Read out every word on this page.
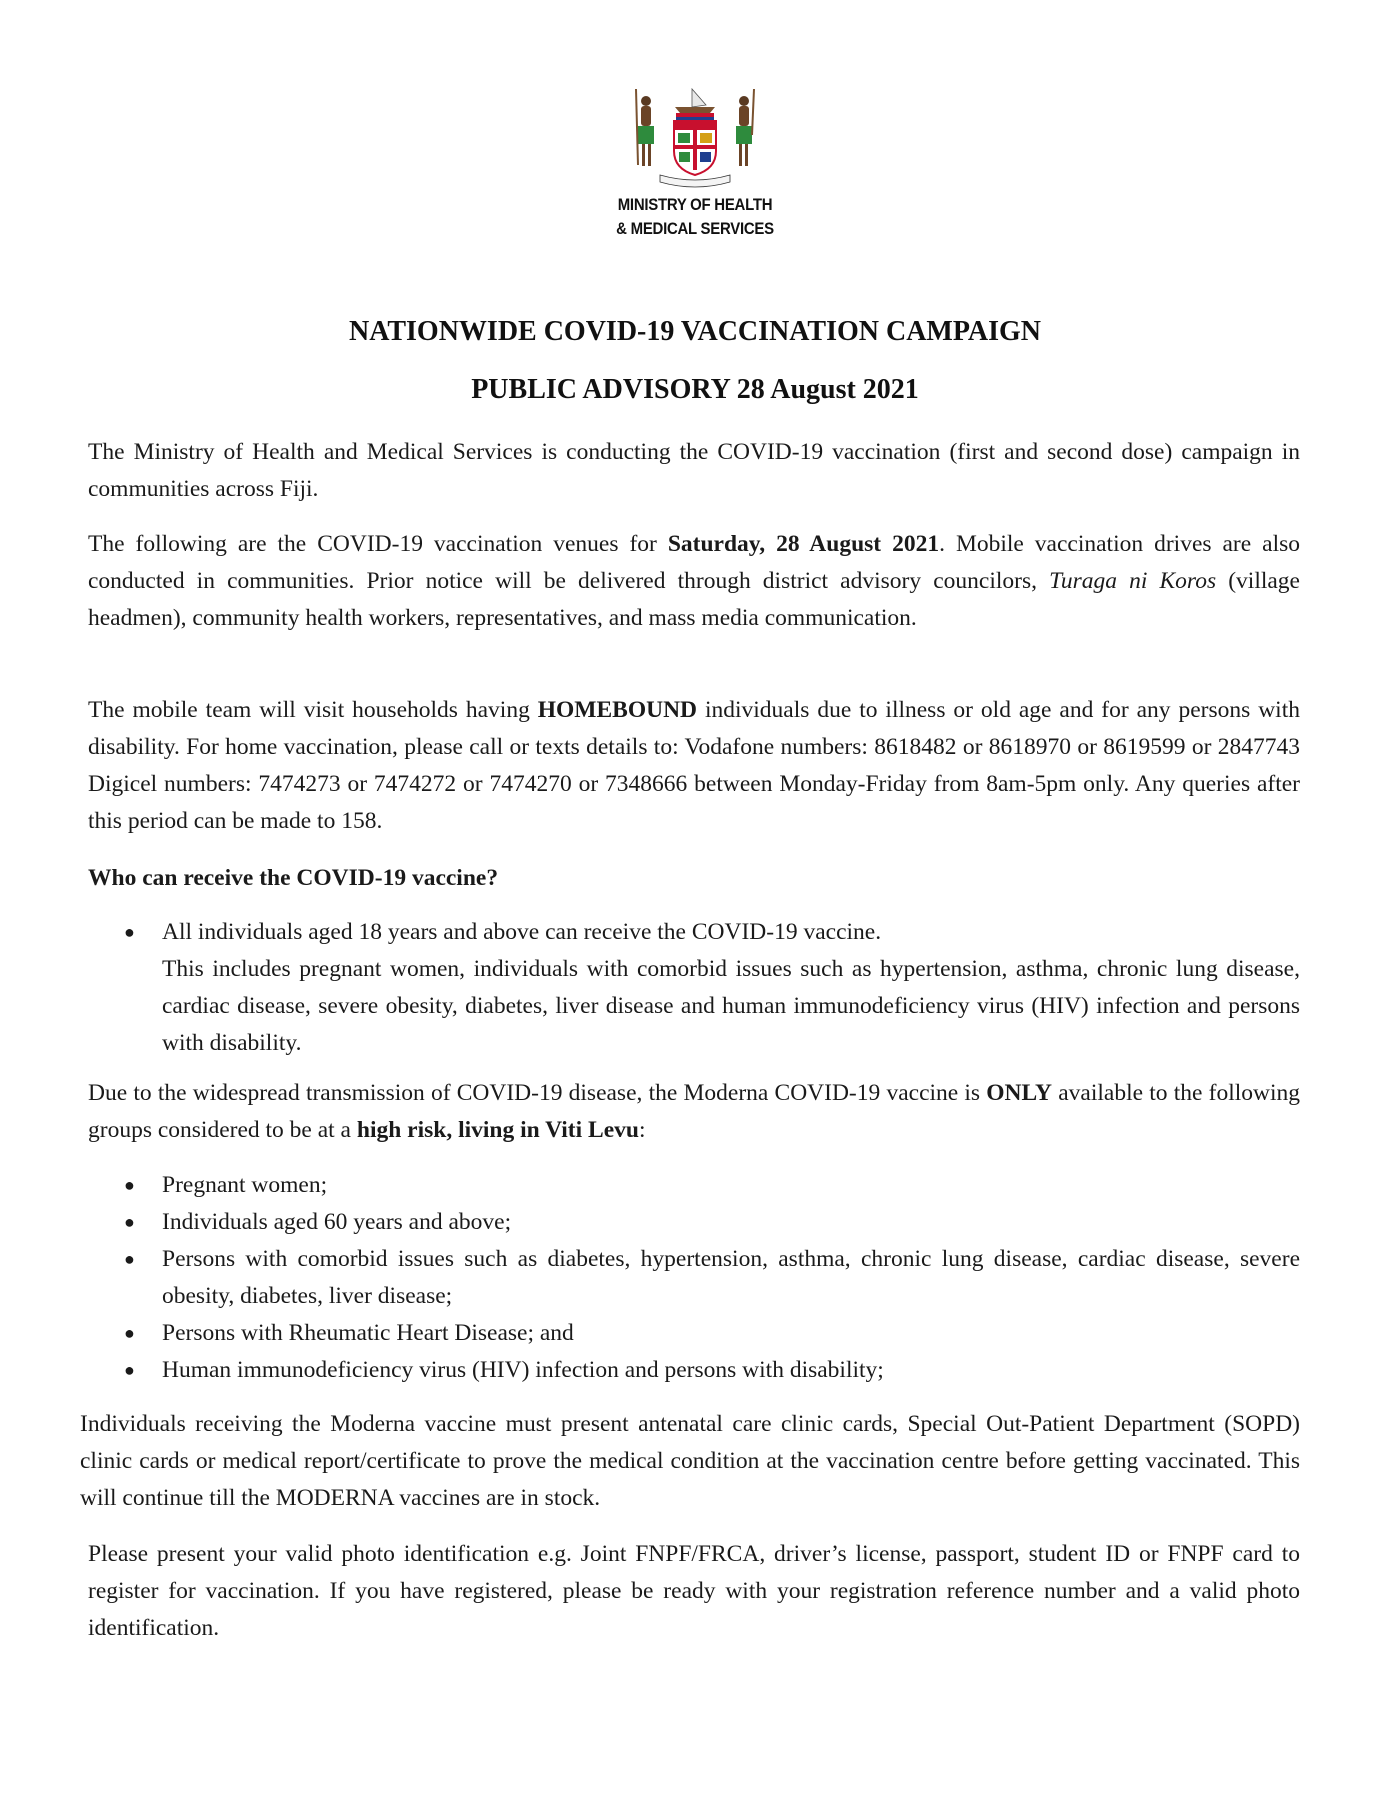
MINISTRY OF HEALTH
& MEDICAL SERVICES
NATIONWIDE COVID-19 VACCINATION CAMPAIGN
PUBLIC ADVISORY 28 August 2021
The Ministry of Health and Medical Services is conducting the COVID-19 vaccination (first and second dose) campaign in communities across Fiji.
The following are the COVID-19 vaccination venues for Saturday, 28 August 2021. Mobile vaccination drives are also conducted in communities. Prior notice will be delivered through district advisory councilors, Turaga ni Koros (village headmen), community health workers, representatives, and mass media communication.
The mobile team will visit households having HOMEBOUND individuals due to illness or old age and for any persons with disability. For home vaccination, please call or texts details to: Vodafone numbers: 8618482 or 8618970 or 8619599 or 2847743 Digicel numbers: 7474273 or 7474272 or 7474270 or 7348666 between Monday-Friday from 8am-5pm only. Any queries after this period can be made to 158.
Who can receive the COVID-19 vaccine?
● All individuals aged 18 years and above can receive the COVID-19 vaccine.

This includes pregnant women, individuals with comorbid issues such as hypertension, asthma, chronic lung disease, cardiac disease, severe obesity, diabetes, liver disease and human immunodeficiency virus (HIV) infection and persons with disability.

Due to the widespread transmission of COVID-19 disease, the Moderna COVID-19 vaccine is ONLY available to the following groups considered to be at a high risk, living in Viti Levu:
● Pregnant women;
● Individuals aged 60 years and above;
● Persons with comorbid issues such as diabetes, hypertension, asthma, chronic lung disease, cardiac disease, severe obesity, diabetes, liver disease;
● Persons with Rheumatic Heart Disease; and
● Human immunodeficiency virus (HIV) infection and persons with disability;
Individuals receiving the Moderna vaccine must present antenatal care clinic cards, Special Out-Patient Department (SOPD) clinic cards or medical report/certificate to prove the medical condition at the vaccination centre before getting vaccinated. This will continue till the MODERNA vaccines are in stock.
Please present your valid photo identification e.g. Joint FNPF/FRCA, driver’s license, passport, student ID or FNPF card to register for vaccination. If you have registered, please be ready with your registration reference number and a valid photo identification.
